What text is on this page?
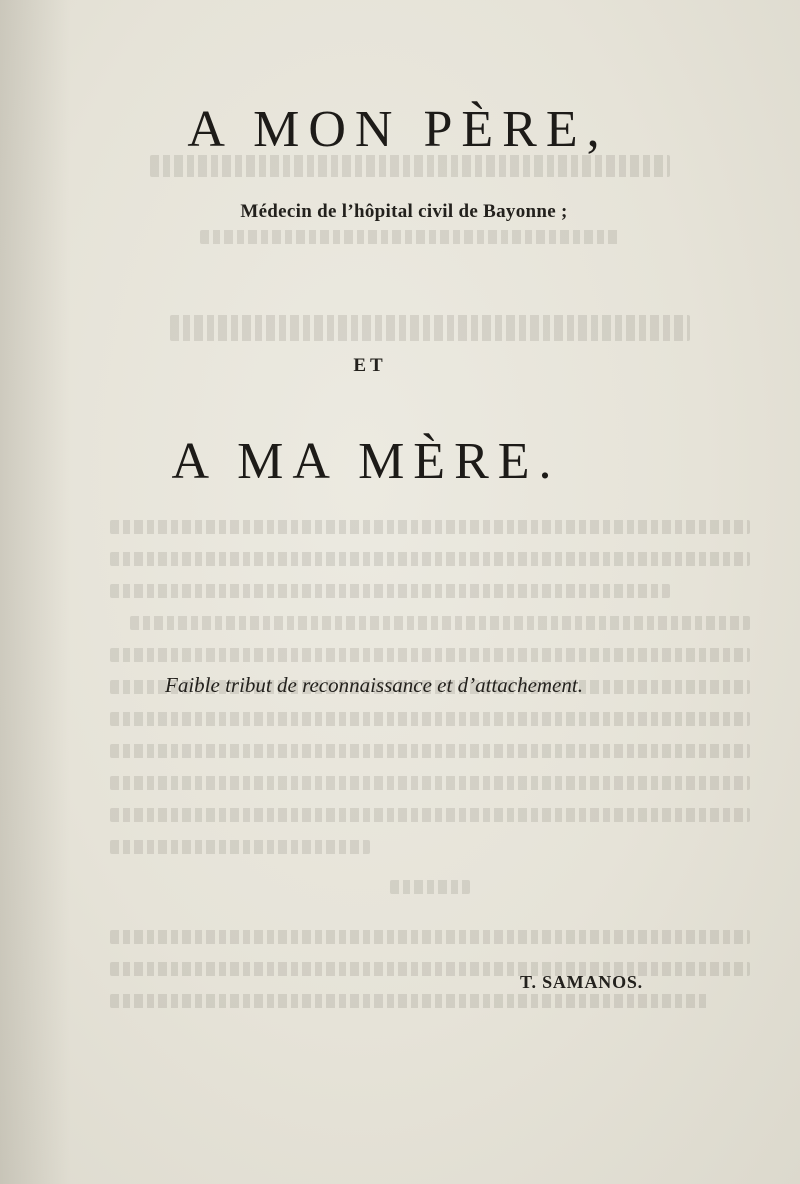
A MON PÈRE,
Médecin de l’hôpital civil de Bayonne ;
ET
A MA MÈRE.
Faible tribut de reconnaissance et d’attachement.
T. SAMANOS.
